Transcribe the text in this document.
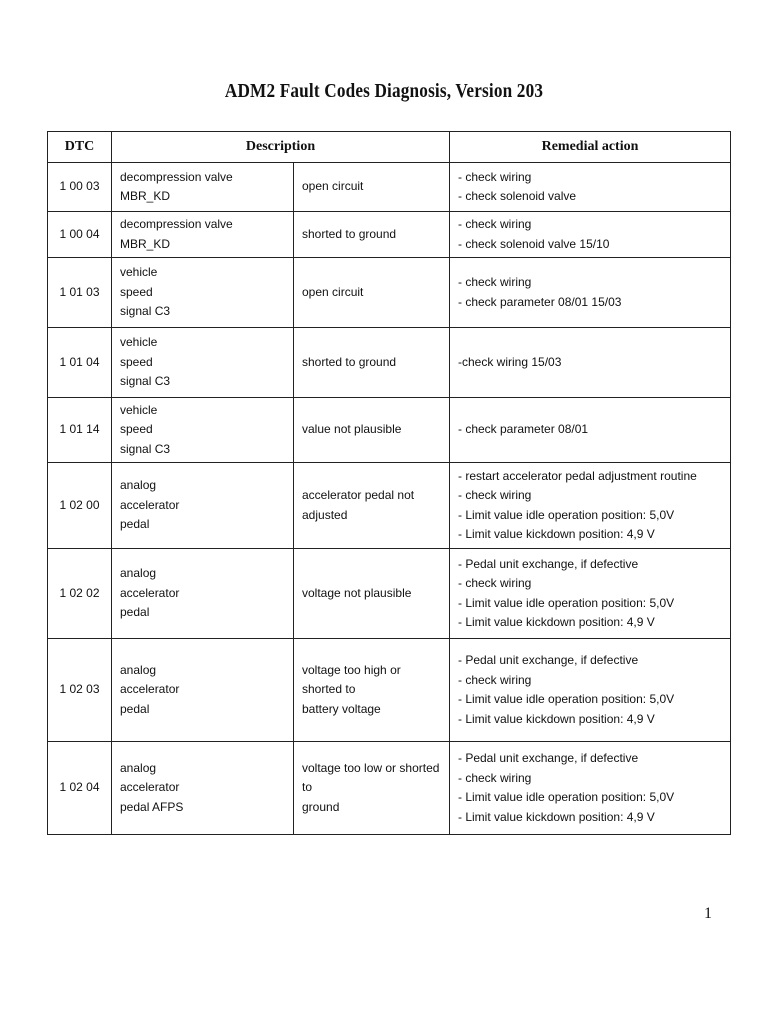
ADM2 Fault Codes Diagnosis, Version 203
DTC	Description		Remedial action

1 00 03	decompression valve MBR_KD	open circuit	- check wiring
- check solenoid valve

1 00 04	decompression valve MBR_KD	shorted to ground	- check wiring
- check solenoid valve 15/10

1 01 03	vehicle
speed
signal C3	open circuit	- check wiring
- check parameter 08/01 15/03

1 01 04	vehicle
speed
signal C3	shorted to ground	-check wiring 15/03

1 01 14	vehicle
speed
signal C3	value not plausible	- check parameter 08/01

1 02 00	analog
accelerator
pedal	accelerator pedal not adjusted	- restart accelerator pedal adjustment routine
- check wiring
- Limit value idle operation position: 5,0V
- Limit value kickdown position: 4,9 V

1 02 02	analog
accelerator
pedal	voltage not plausible	- Pedal unit exchange, if defective
- check wiring
- Limit value idle operation position: 5,0V
- Limit value kickdown position: 4,9 V

1 02 03	analog
accelerator
pedal	voltage too high or shorted to
battery voltage	- Pedal unit exchange, if defective
- check wiring
- Limit value idle operation position: 5,0V
- Limit value kickdown position: 4,9 V

1 02 04	analog
accelerator
pedal AFPS	voltage too low or shorted to
ground	- Pedal unit exchange, if defective
- check wiring
- Limit value idle operation position: 5,0V
- Limit value kickdown position: 4,9 V
1
